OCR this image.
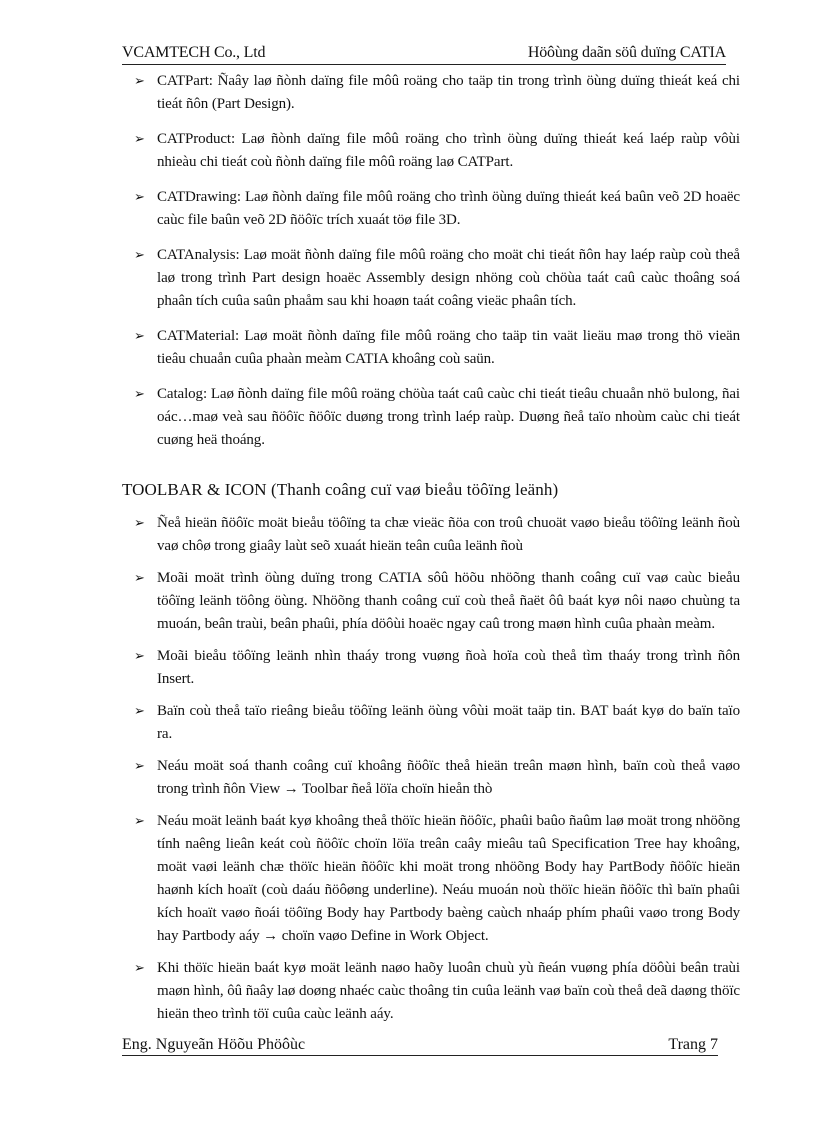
VCAMTECH Co., Ltd	Höôùng daãn söû duïng CATIA
➢ CATPart: Ñaây laø ñònh daïng file môû roäng cho taäp tin trong trình öùng duïng thieát keá chi tieát ñôn (Part Design).
➢ CATProduct: Laø ñònh daïng file môû roäng cho trình öùng duïng thieát keá laép raùp vôùi nhieàu chi tieát coù ñònh daïng file môû roäng laø CATPart.
➢ CATDrawing: Laø ñònh daïng file môû roäng cho trình öùng duïng thieát keá baûn veõ 2D hoaëc caùc file baûn veõ 2D ñöôïc trích xuaát töø file 3D.
➢ CATAnalysis: Laø moät ñònh daïng file môû roäng cho moät chi tieát ñôn hay laép raùp coù theå laø trong trình Part design hoaëc Assembly design nhöng coù chöùa taát caû caùc thoâng soá phaân tích cuûa saûn phaåm sau khi hoaøn taát coâng vieäc phaân tích.
➢ CATMaterial: Laø moät ñònh daïng file môû roäng cho taäp tin vaät lieäu maø trong thö vieän tieâu chuaån cuûa phaàn meàm CATIA khoâng coù saün.
➢ Catalog: Laø ñònh daïng file môû roäng chöùa taát caû caùc chi tieát tieâu chuaån nhö bulong, ñai oác…maø veà sau ñöôïc ñöôïc duøng trong trình laép raùp. Duøng ñeå taïo nhoùm caùc chi tieát cuøng heä thoáng.
TOOLBAR & ICON (Thanh coâng cuï vaø bieåu töôïng leänh)
➢ Ñeå hieän ñöôïc moät bieåu töôïng ta chæ vieäc ñöa con troû chuoät vaøo bieåu töôïng leänh ñoù vaø chôø trong giaây laùt seõ xuaát hieän teân cuûa leänh ñoù
➢ Moãi moät trình öùng duïng trong CATIA sôû höõu nhöõng thanh coâng cuï vaø caùc bieåu töôïng leänh töông öùng. Nhöõng thanh coâng cuï coù theå ñaët ôû baát kyø nôi naøo chuùng ta muoán, beân traùi, beân phaûi, phía döôùi hoaëc ngay caû trong maøn hình cuûa phaàn meàm.
➢ Moãi bieåu töôïng leänh nhìn thaáy trong vuøng ñoà hoïa coù theå tìm thaáy trong trình ñôn Insert.
➢ Baïn coù theå taïo rieâng bieåu töôïng leänh öùng vôùi moät taäp tin. BAT baát kyø do baïn taïo ra.
➢ Neáu moät soá thanh coâng cuï khoâng ñöôïc theå hieän treân maøn hình, baïn coù theå vaøo trong trình ñôn View → Toolbar ñeå löïa choïn hieån thò
➢ Neáu moät leänh baát kyø khoâng theå thöïc hieän ñöôïc, phaûi baûo ñaûm laø moät trong nhöõng tính naêng lieân keát coù ñöôïc choïn löïa treân caây mieâu taû Specification Tree hay khoâng, moät vaøi leänh chæ thöïc hieän ñöôïc khi moät trong nhöõng Body hay PartBody ñöôïc hieän haønh kích hoaït (coù daáu ñöôøng underline). Neáu muoán noù thöïc hieän ñöôïc thì baïn phaûi kích hoaït vaøo ñoái töôïng Body hay Partbody baèng caùch nhaáp phím phaûi vaøo trong Body hay Partbody aáy → choïn vaøo Define in Work Object.
➢ Khi thöïc hieän baát kyø moät leänh naøo haõy luoân chuù yù ñeán vuøng phía döôùi beân traùi maøn hình, ôû ñaây laø doøng nhaéc caùc thoâng tin cuûa leänh vaø baïn coù theå deã daøng thöïc hieän theo trình töï cuûa caùc leänh aáy.
Eng. Nguyeãn Höõu Phöôùc	Trang 7
